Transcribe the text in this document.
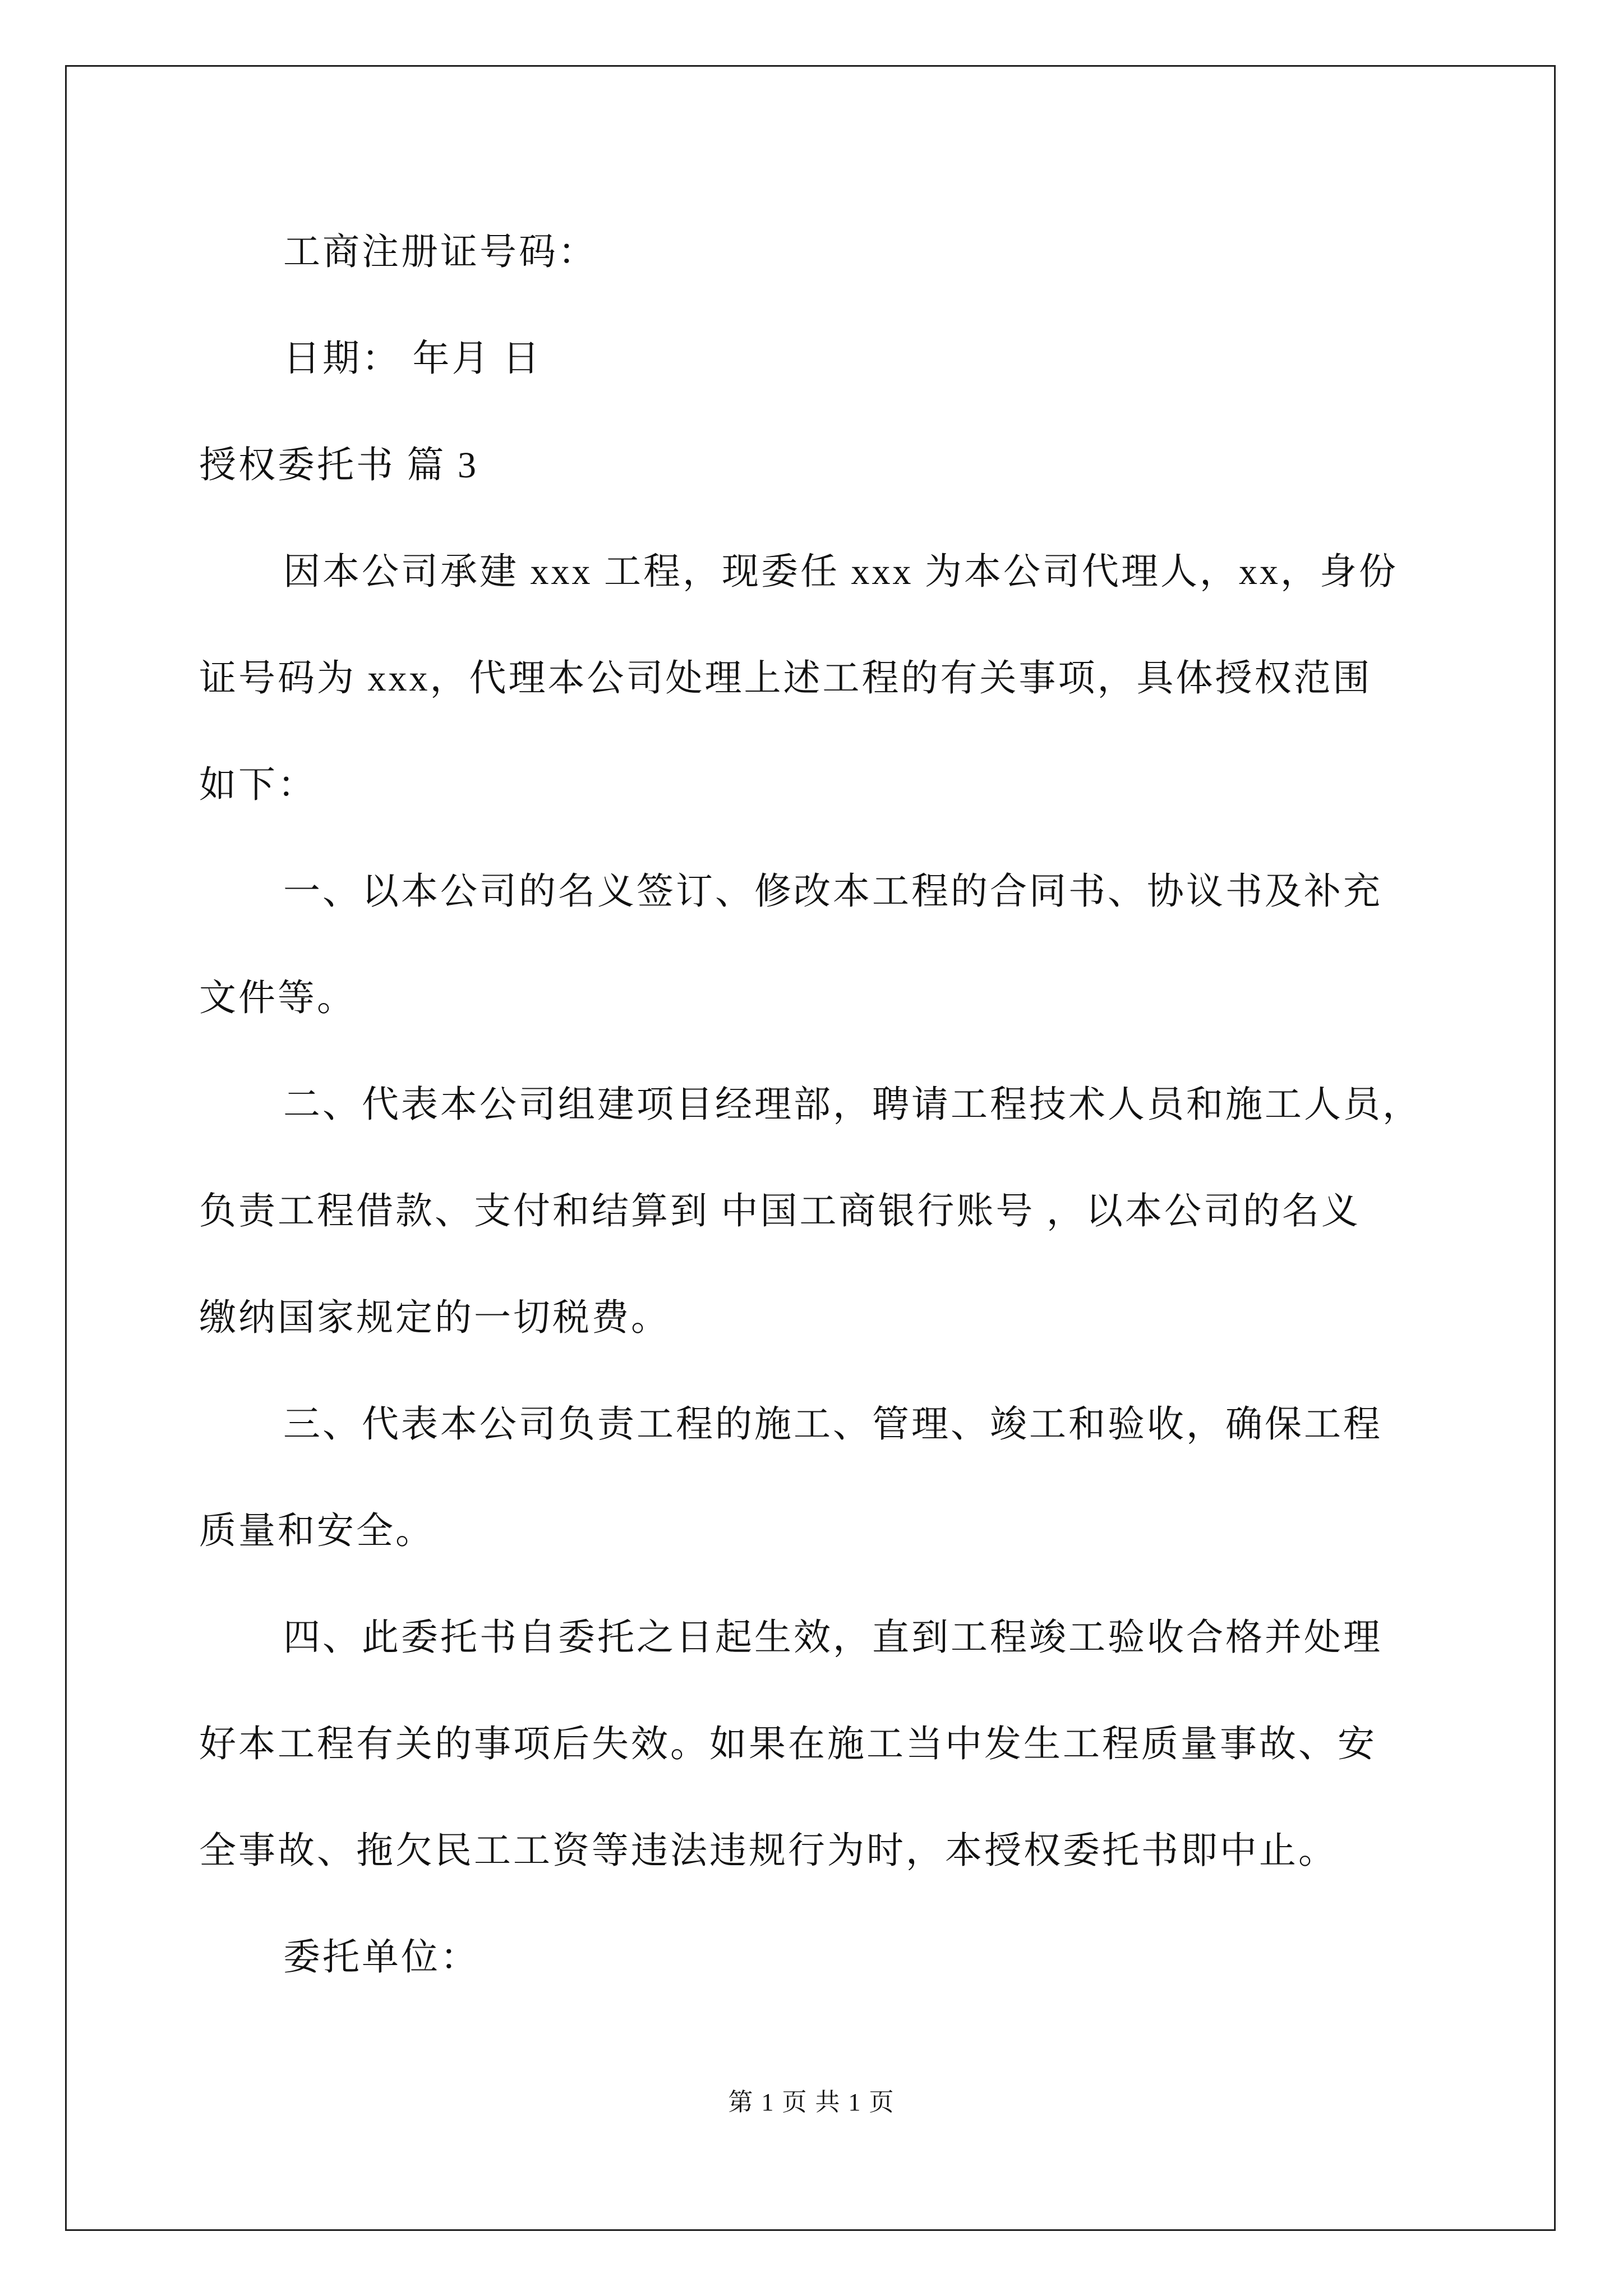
工商注册证号码：
日期： 年月 日
授权委托书 篇 3
因本公司承建 xxx 工程，现委任 xxx 为本公司代理人，xx，身份
证号码为 xxx，代理本公司处理上述工程的有关事项，具体授权范围
如下：
一、以本公司的名义签订、修改本工程的合同书、协议书及补充
文件等。
二、代表本公司组建项目经理部，聘请工程技术人员和施工人员，
负责工程借款、支付和结算到 中国工商银行账号 ，以本公司的名义
缴纳国家规定的一切税费。
三、代表本公司负责工程的施工、管理、竣工和验收，确保工程
质量和安全。
四、此委托书自委托之日起生效，直到工程竣工验收合格并处理
好本工程有关的事项后失效。如果在施工当中发生工程质量事故、安
全事故、拖欠民工工资等违法违规行为时，本授权委托书即中止。
委托单位：
第 1 页 共 1 页
